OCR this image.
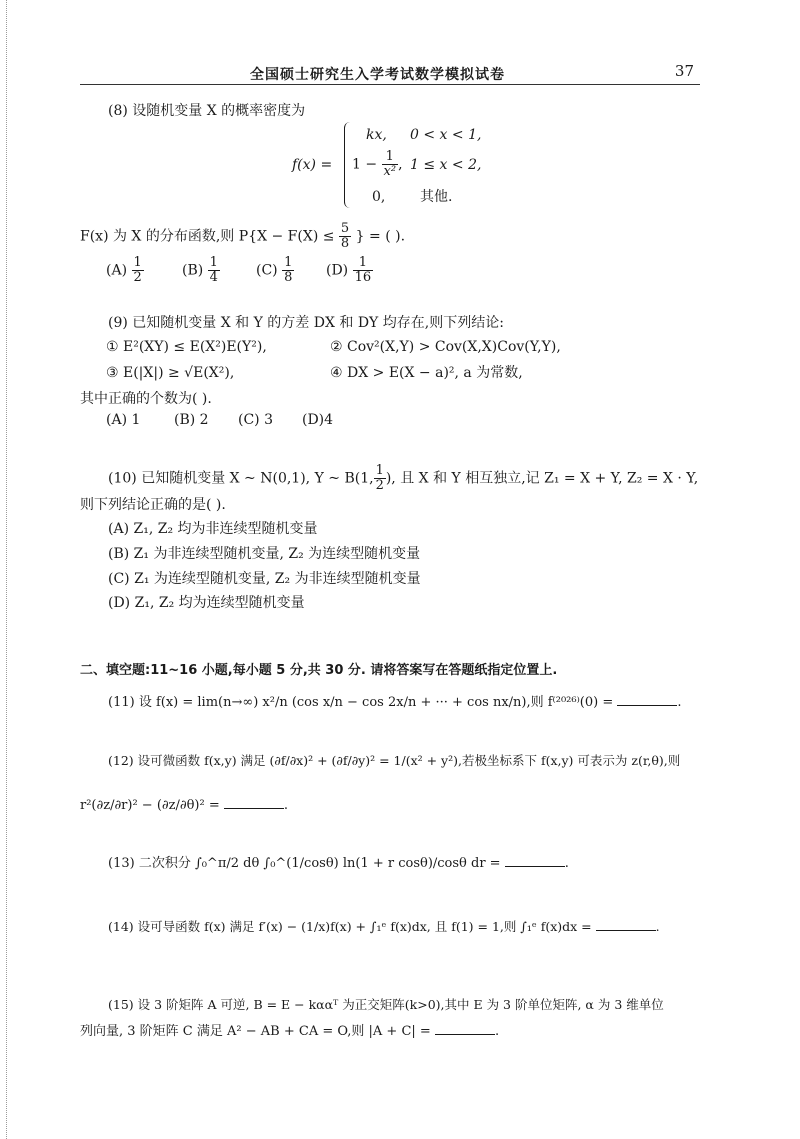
全国硕士研究生入学考试数学模拟试卷	37
(8) 设随机变量 X 的概率密度为
f(x) =
kx, 0 < x < 1,
$1 - \frac{1}{\text{x²}}$ , 1 ≤ x < 2,
0, 其他.
F(x) 为 X 的分布函数,则 $P\{X - F(X) \le \frac{5}{8}$ } = ( ).
$(A) \frac{1}{2}$	$(B) \frac{1}{4}$	$(C) \frac{1}{8} (D) \frac{1}{16}$
(9) 已知随机变量 X 和 Y 的方差 DX 和 DY 均存在,则下列结论:
① E²(XY) ≤ E(X²)E(Y²),	② Cov²(X,Y) > Cov(X,X)Cov(Y,Y),
③ E(|X|) ≥ √E(X²),	④ DX > E(X − a)², a 为常数,
其中正确的个数为( ).
(A) 1 (B) 2 (C) 3 (D)4
(10) 已知随机变量 X ~ N(0,1), Y ~ B(1, $\frac{1}{2}$ ), 且 X 和 Y 相互独立,记 Z₁ = X + Y, Z₂ = X · Y,
则下列结论正确的是( ).
(A) Z₁, Z₂ 均为非连续型随机变量
(B) Z₁ 为非连续型随机变量, Z₂ 为连续型随机变量
(C) Z₁ 为连续型随机变量, Z₂ 为非连续型随机变量
(D) Z₁, Z₂ 均为连续型随机变量
二、填空题:11~16 小题,每小题 5 分,共 30 分. 请将答案写在答题纸指定位置上.
(11) 设 f(x) = lim(n→∞) x²/n (cos x/n − cos 2x/n + ··· + cos nx/n),则 f⁽²⁰²⁶⁾(0) =	.
(12) 设可微函数 f(x,y) 满足 (∂f/∂x)² + (∂f/∂y)² = 1/(x² + y²),若极坐标系下 f(x,y) 可表示为 z(r,θ),则
r²(∂z/∂r)² − (∂z/∂θ)² =	.
(13) 二次积分 ∫₀^π/2 dθ ∫₀^(1/cosθ) ln(1 + r cosθ)/cosθ dr =	.
(14) 设可导函数 f(x) 满足 f′(x) − (1/x)f(x) + ∫₁ᵉ f(x)dx, 且 f(1) = 1,则 ∫₁ᵉ f(x)dx =	.
(15) 设 3 阶矩阵 A 可逆, B = E − kααᵀ 为正交矩阵(k>0),其中 E 为 3 阶单位矩阵, α 为 3 维单位
列向量, 3 阶矩阵 C 满足 A² − AB + CA = O,则 |A + C| =	.
